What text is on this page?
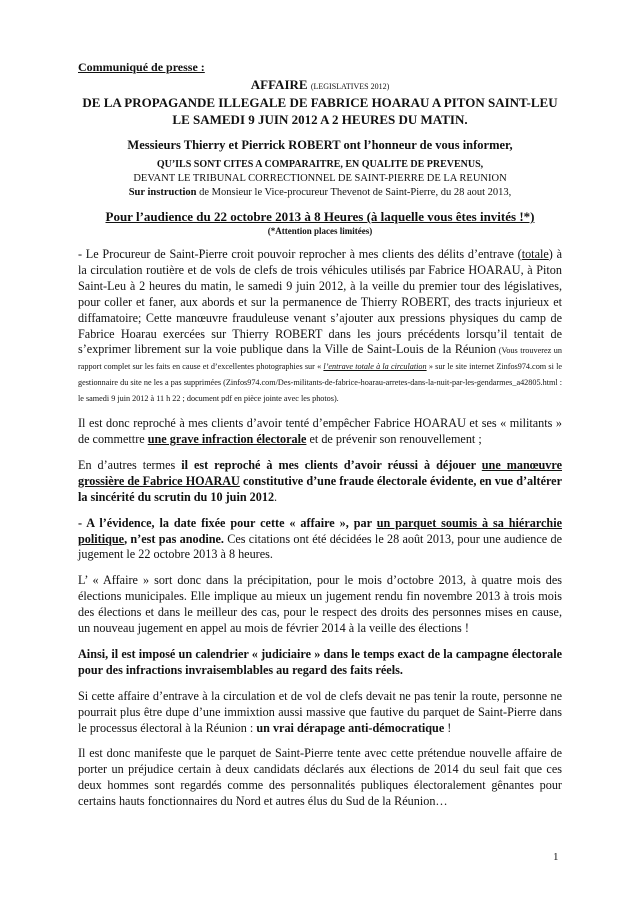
Communiqué de presse :
AFFAIRE (LEGISLATIVES 2012)
DE LA PROPAGANDE ILLEGALE DE FABRICE HOARAU A PITON SAINT-LEU
LE SAMEDI 9 JUIN 2012 A 2 HEURES DU MATIN.
Messieurs Thierry et Pierrick ROBERT ont l’honneur de vous informer,
QU’ILS SONT CITES A COMPARAITRE, EN QUALITE DE PREVENUS,
DEVANT LE TRIBUNAL CORRECTIONNEL DE SAINT-PIERRE DE LA REUNION
Sur instruction de Monsieur le Vice-procureur Thevenot de Saint-Pierre, du 28 aout 2013,
Pour l’audience du 22 octobre 2013 à 8 Heures (à laquelle vous êtes invités !*)
(*Attention places limitées)
- Le Procureur de Saint-Pierre croit pouvoir reprocher à mes clients des délits d’entrave (totale) à la circulation routière et de vols de clefs de trois véhicules utilisés par Fabrice HOARAU, à Piton Saint-Leu à 2 heures du matin, le samedi 9 juin 2012, à la veille du premier tour des législatives, pour coller et faner, aux abords et sur la permanence de Thierry ROBERT, des tracts injurieux et diffamatoire; Cette manœuvre frauduleuse venant s’ajouter aux pressions physiques du camp de Fabrice Hoarau exercées sur Thierry ROBERT dans les jours précédents lorsqu’il tentait de s’exprimer librement sur la voie publique dans la Ville de Saint-Louis de la Réunion (Vous trouverez un rapport complet sur les faits en cause et d’excellentes photographies sur « l’entrave totale à la circulation » sur le site internet Zinfos974.com si le gestionnaire du site ne les a pas supprimées (Zinfos974.com/Des-militants-de-fabrice-hoarau-arretes-dans-la-nuit-par-les-gendarmes_a42805.html : le samedi 9 juin 2012 à 11 h 22 ; document pdf en pièce jointe avec les photos).
Il est donc reproché à mes clients d’avoir tenté d’empêcher Fabrice HOARAU et ses « militants » de commettre une grave infraction électorale et de prévenir son renouvellement ;
En d’autres termes il est reproché à mes clients d’avoir réussi à déjouer une manœuvre grossière de Fabrice HOARAU constitutive d’une fraude électorale évidente, en vue d’altérer la sincérité du scrutin du 10 juin 2012.
- A l’évidence, la date fixée pour cette « affaire », par un parquet soumis à sa hiérarchie politique, n’est pas anodine. Ces citations ont été décidées le 28 août 2013, pour une audience de jugement le 22 octobre 2013 à 8 heures.
L’ « Affaire » sort donc dans la précipitation, pour le mois d’octobre 2013, à quatre mois des élections municipales. Elle implique au mieux un jugement rendu fin novembre 2013 à trois mois des élections et dans le meilleur des cas, pour le respect des droits des personnes mises en cause, un nouveau jugement en appel au mois de février 2014 à la veille des élections !
Ainsi, il est imposé un calendrier « judiciaire » dans le temps exact de la campagne électorale pour des infractions invraisemblables au regard des faits réels.
Si cette affaire d’entrave à la circulation et de vol de clefs devait ne pas tenir la route, personne ne pourrait plus être dupe d’une immixtion aussi massive que fautive du parquet de Saint-Pierre dans le processus électoral à la Réunion : un vrai dérapage anti-démocratique !
Il est donc manifeste que le parquet de Saint-Pierre tente avec cette prétendue nouvelle affaire de porter un préjudice certain à deux candidats déclarés aux élections de 2014 du seul fait que ces deux hommes sont regardés comme des personnalités publiques électoralement gênantes pour certains hauts fonctionnaires du Nord et autres élus du Sud de la Réunion…
1
